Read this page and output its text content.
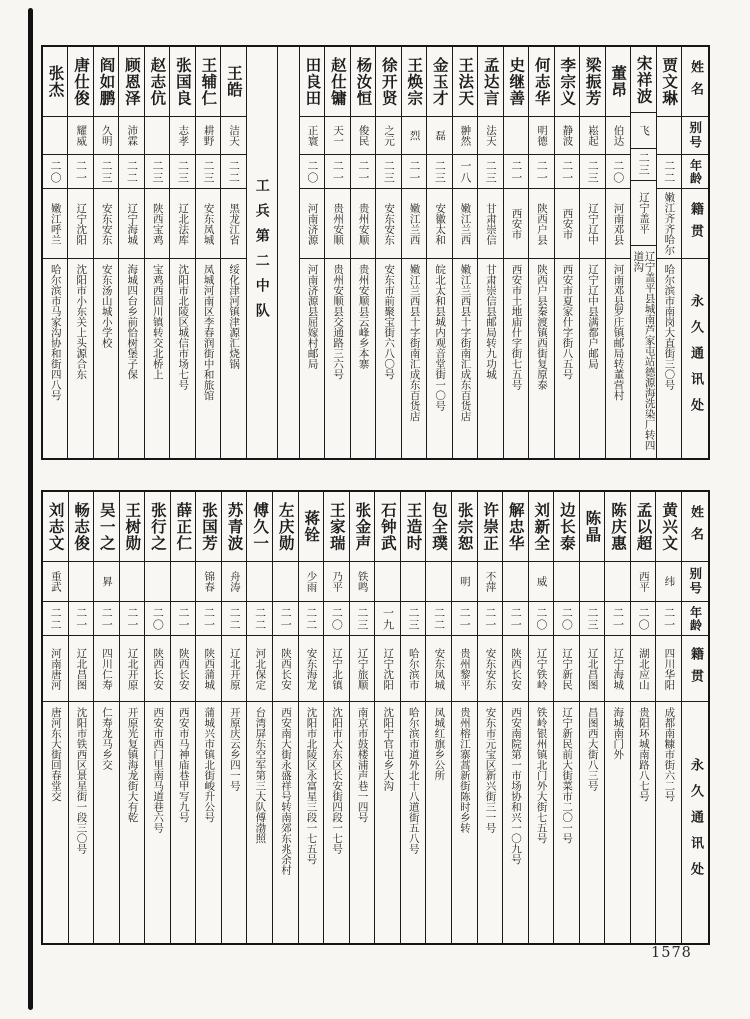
姓名
别号
年龄
籍贯
永久通讯处
贾文琳
二二
嫩江齐齐哈尔
哈尔滨市南岗大直街三〇号
宋祥波
飞
二三
辽宁盖平
辽宁盖平县城南芦家屯站德源海洗染厂转四道沟
董昂
伯达
二〇
河南邓县
河南邓县罗庄镇邮局转董营村
梁振芳
崧起
二三
辽宁辽中
辽宁辽中县满都户邮局
李宗义
静波
二一
西安市
西安市夏家什字街八五号
何志华
明德
二一
陕西户县
陕西户县秦渡镇西街复原泰
史继善
二一
西安市
西安市土地庙什字街七五号
孟达言
法天
二三
甘肃崇信
甘肃崇信县邮局转九功城
王法天
翀然
一八
嫩江兰西
嫩江兰西县十字街南汇成东百货店
金玉才
磊
二三
安徽太和
皖北太和县城内观音堂街一〇号
王焕宗
烈
二一
嫩江兰西
嫩江兰西县十字街南汇成东百货店
徐开贤
之元
二三
安东安东
安东市前聚宝街六八〇号
杨汝恒
俊民
二一
贵州安顺
贵州安顺县云峰乡本寨
赵仕镛
天一
二一
贵州安顺
贵州安顺县交通路三六号
田良田
正寰
二〇
河南济源
河南济源县屈嫁村邮局
工兵第二中队
王皓
洁天
二二
黑龙江省
绥化津河镇津源汇烧锅
王辅仁
耕野
二三
安东凤城
凤城河南区李春润街中和旅馆
张国良
志孝
二三
辽北法库
沈阳市北陵区城信市场七号
赵志伉
二三
陕西宝鸡
宝鸡西固川镇转交北桥上
顾恩泽
沛霖
二二
辽宁海城
海城四台乡前恰树堡子保
阎如鹏
久明
二三
安东安东
安东汤山城小学校
唐仕俊
耀威
二一
辽宁沈阳
沈阳市小东关上头源合东
张杰
二〇
嫩江呼兰
哈尔滨市马家沟协和街四八号
姓名
别号
年龄
籍贯
永久通讯处
黄兴文
纬
二一
四川华阳
成都南糠市街六二号
孟以超
西平
二〇
湖北应山
贵阳环城南路八七号
陈庆惠
二一
辽宁海城
海城南门外
陈晶
二三
辽北昌图
昌图西大街八三号
边长泰
二〇
辽宁新民
辽宁新民前大街菜市二〇一号
刘新全
威
二〇
辽宁铁岭
铁岭银州镇北门外大街七五号
解忠华
二一
陕西长安
西安南院第一市场协和兴一〇九号
许崇正
不萍
二一
安东安东
安东市元宝区新兴街三一号
张宗恕
明
二一
贵州黎平
贵州榕江寨蒿新街陈时乡转
包全璞
二二
安东凤城
凤城红旗乡公所
王造时
二三
哈尔滨市
哈尔滨市道外北十八道街五八号
石钟武
一九
辽宁沈阳
沈阳宁官屯乡大沟
张金声
铁鸣
二三
辽宁旅顺
南京市鼓楼浦声巷一四号
王家瑞
乃平
二〇
辽宁北镇
沈阳市大东区长安街四段一七号
蒋铨
少雨
二二
安东海龙
沈阳市北陵区永富星三段一七五号
左庆勋
二一
陕西长安
西安南大街永盛祥号转南郊东兆余村
傅久一
二二
河北保定
台湾屏东空军第三大队傅渤照
苏青波
舟涛
二二
辽北开原
开原庆云乡四一号
张国芳
锦春
二一
陕西蒲城
蒲城兴市镇北街峻升公号
薛正仁
二一
陕西长安
西安市马神庙巷甲写九号
张行之
二〇
陕西长安
西安市西门里南马道巷六号
王树勋
二一
辽北开原
开原光复镇海龙街大有乾
吴一之
昪
二一
四川仁寿
仁寿龙马乡交
畅志俊
二一
辽北昌图
沈阳市铁西区景星街一段三〇号
刘志文
重武
二二
河南唐河
唐河东大街回春堂交
1578
